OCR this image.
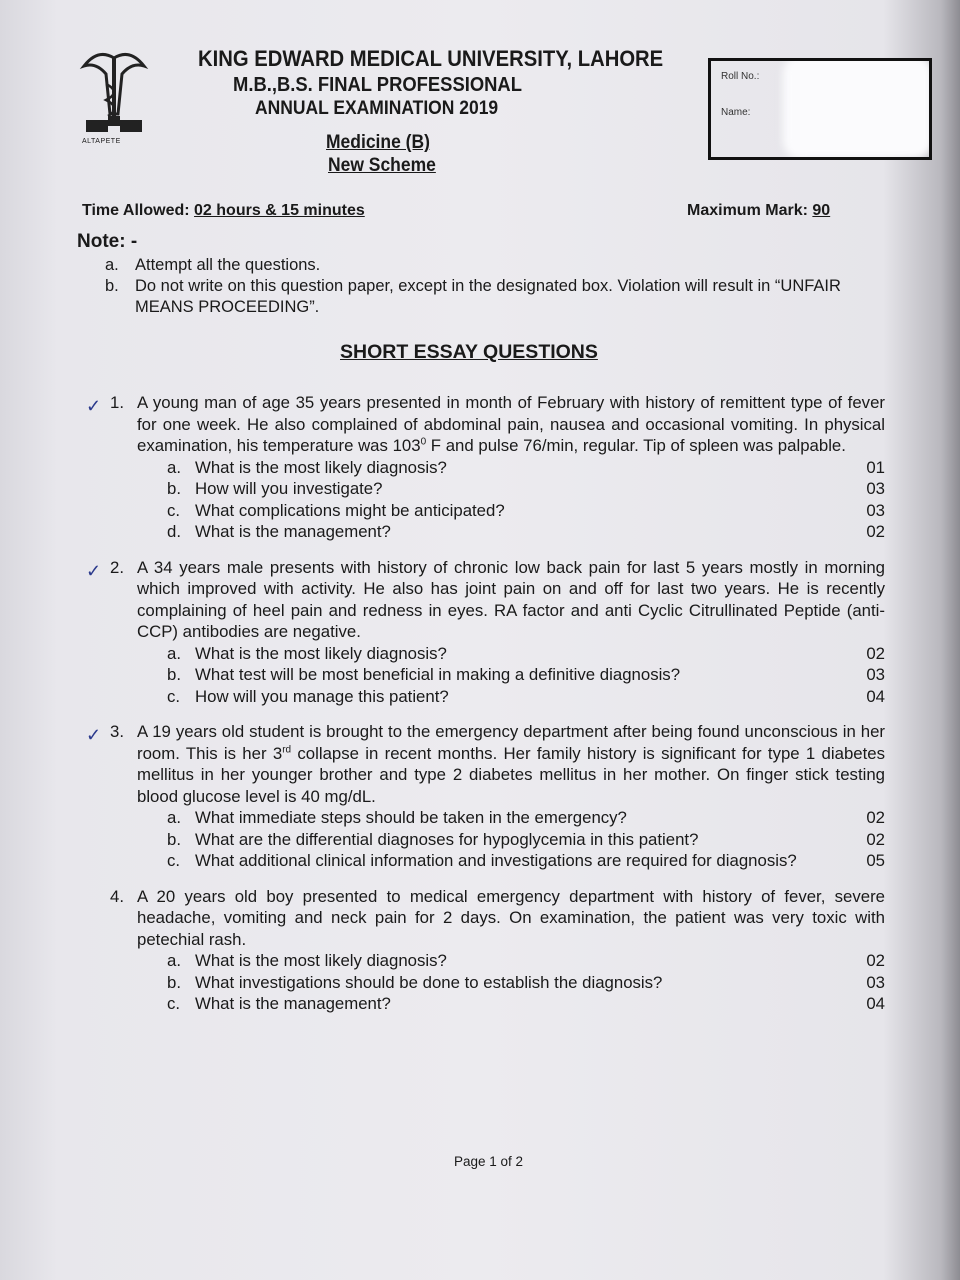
ALTAPETE
KING EDWARD MEDICAL UNIVERSITY, LAHORE
M.B.,B.S. FINAL PROFESSIONAL
ANNUAL EXAMINATION 2019
Medicine (B)
New Scheme
Roll No.:
Name:
Time Allowed: 02 hours & 15 minutes	Maximum Mark: 90
Note: -
a. Attempt all the questions.
b. Do not write on this question paper, except in the designated box. Violation will result in “UNFAIR MEANS PROCEEDING”.
SHORT ESSAY QUESTIONS
1.
✓ A young man of age 35 years presented in month of February with history of remittent type of fever for one week. He also complained of abdominal pain, nausea and occasional vomiting. In physical examination, his temperature was $103^0$ F and pulse 76/min, regular. Tip of spleen was palpable.
a. What is the most likely diagnosis?	01
b. How will you investigate?	03
c. What complications might be anticipated?	03
d. What is the management?	02
2.
✓ A 34 years male presents with history of chronic low back pain for last 5 years mostly in morning which improved with activity. He also has joint pain on and off for last two years. He is recently complaining of heel pain and redness in eyes. RA factor and anti Cyclic Citrullinated Peptide (anti-CCP) antibodies are negative.
a. What is the most likely diagnosis?	02
b. What test will be most beneficial in making a definitive diagnosis?	03
c. How will you manage this patient?	04
3.
✓ A 19 years old student is brought to the emergency department after being found unconscious in her room. This is her 3rd collapse in recent months. Her family history is significant for type 1 diabetes mellitus in her younger brother and type 2 diabetes mellitus in her mother. On finger stick testing blood glucose level is 40 mg/dL.
a. What immediate steps should be taken in the emergency?	02
b. What are the differential diagnoses for hypoglycemia in this patient?	02
c. What additional clinical information and investigations are required for diagnosis?	05
4. A 20 years old boy presented to medical emergency department with history of fever, severe headache, vomiting and neck pain for 2 days. On examination, the patient was very toxic with petechial rash.
a. What is the most likely diagnosis?	02
b. What investigations should be done to establish the diagnosis?	03
c. What is the management?	04
Page 1 of 2
